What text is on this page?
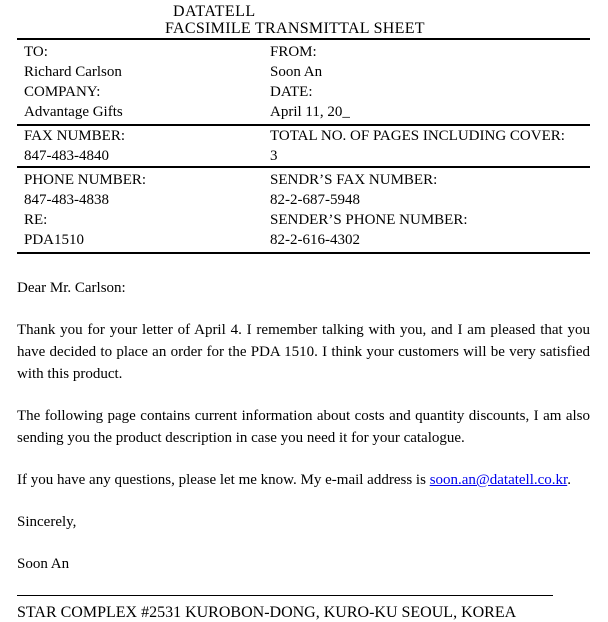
DATATELL
FACSIMILE TRANSMITTAL SHEET
TO:	FROM:
Richard Carlson	Soon An
COMPANY:	DATE:
Advantage Gifts	April 11, 20_
FAX NUMBER:	TOTAL NO. OF PAGES INCLUDING COVER:
847-483-4840	3
PHONE NUMBER:	SENDR’S FAX NUMBER:
847-483-4838	82-2-687-5948
RE:	SENDER’S PHONE NUMBER:
PDA1510	82-2-616-4302

Dear Mr. Carlson:

Thank you for your letter of April 4. I remember talking with you, and I am pleased that you have decided to place an order for the PDA 1510. I think your customers will be very satisfied with this product.

The following page contains current information about costs and quantity discounts, I am also sending you the product description in case you need it for your catalogue.

If you have any questions, please let me know. My e-mail address is soon.an@datatell.co.kr.

Sincerely,

Soon An

STAR COMPLEX #2531 KUROBON-DONG, KURO-KU SEOUL, KOREA
